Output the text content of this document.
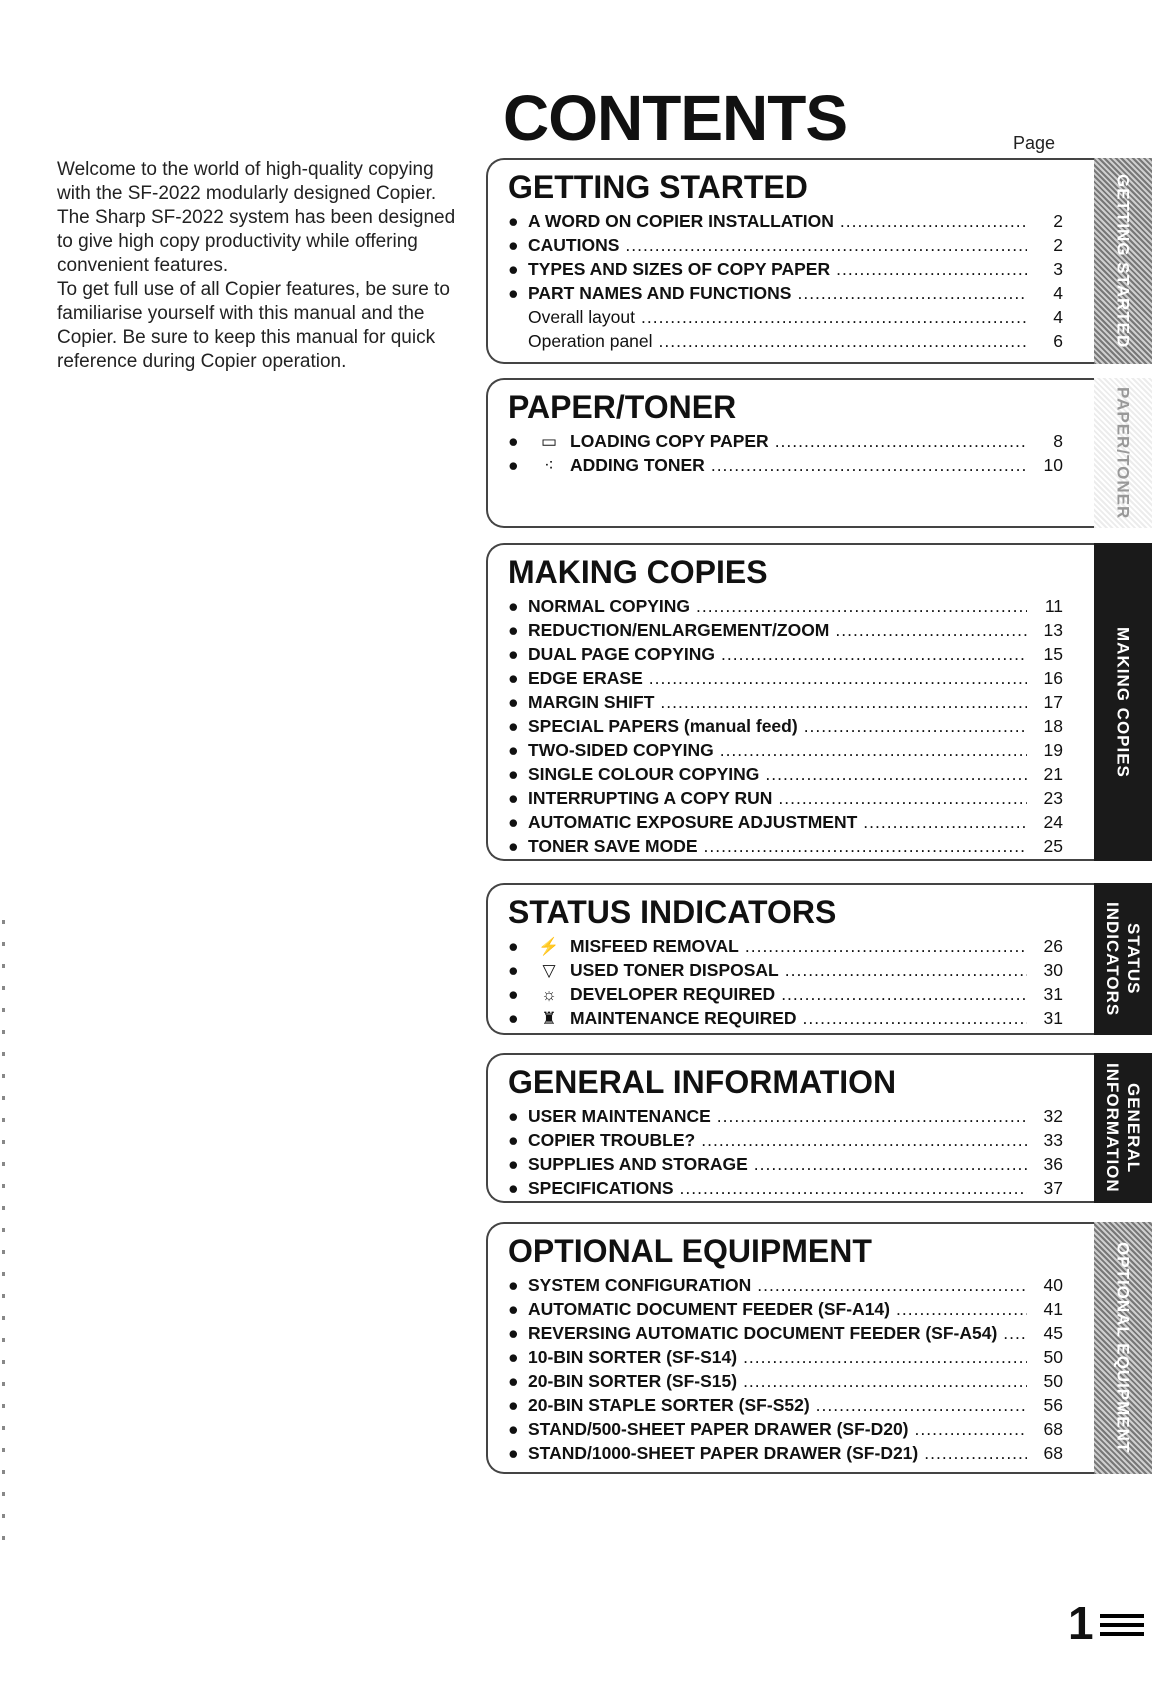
Welcome to the world of high-quality copying with the SF-2022 modularly designed Copier.

The Sharp SF-2022 system has been designed to give high copy productivity while offering convenient features.

To get full use of all Copier features, be sure to familiarise yourself with this manual and the Copier. Be sure to keep this manual for quick reference during Copier operation.

CONTENTS	Page
GETTING STARTED
● A WORD ON COPIER INSTALLATION .....	2
● CAUTIONS .....	2
● TYPES AND SIZES OF COPY PAPER .....	3
● PART NAMES AND FUNCTIONS .....	4
Overall layout .....	4
Operation panel .....	6	GETTING STARTED
PAPER/TONER
●	▭ LOADING COPY PAPER .....	8
●	⁖ ADDING TONER .....	10	PAPER/TONER
MAKING COPIES
● NORMAL COPYING .....	11
● REDUCTION/ENLARGEMENT/ZOOM .....	13
● DUAL PAGE COPYING .....	15
● EDGE ERASE .....	16
● MARGIN SHIFT .....	17
● SPECIAL PAPERS (manual feed) .....	18
● TWO-SIDED COPYING .....	19
● SINGLE COLOUR COPYING .....	21
● INTERRUPTING A COPY RUN .....	23
● AUTOMATIC EXPOSURE ADJUSTMENT .....	24
● TONER SAVE MODE .....	25
MAKING COPIES
STATUS INDICATORS
●	⚡ MISFEED REMOVAL .....	26
●	▽ USED TONER DISPOSAL .....	30
●	☼ DEVELOPER REQUIRED .....	31
●	♜ MAINTENANCE REQUIRED .....	31
STATUS INDICATORS
GENERAL INFORMATION
● USER MAINTENANCE .....	32
● COPIER TROUBLE? .....	33
● SUPPLIES AND STORAGE .....	36
● SPECIFICATIONS .....	37
GENERAL INFORMATION
OPTIONAL EQUIPMENT
● SYSTEM CONFIGURATION .....	40
● AUTOMATIC DOCUMENT FEEDER (SF-A14) .....	41
● REVERSING AUTOMATIC DOCUMENT FEEDER (SF-A54) .....	45
● 10-BIN SORTER (SF-S14) .....	50
● 20-BIN SORTER (SF-S15) .....	50
● 20-BIN STAPLE SORTER (SF-S52) .....	56
● STAND/500-SHEET PAPER DRAWER (SF-D20) .....	68
● STAND/1000-SHEET PAPER DRAWER (SF-D21) .....	68	OPTIONAL EQUIPMENT
1
